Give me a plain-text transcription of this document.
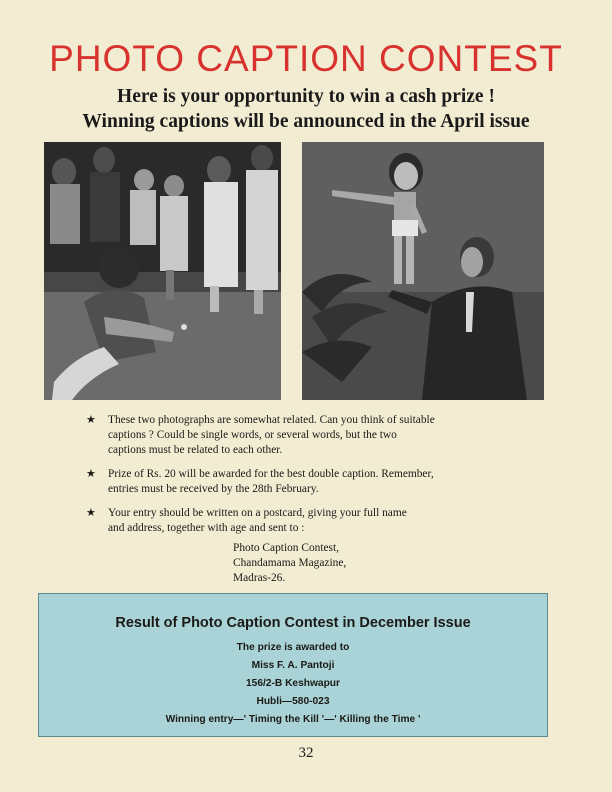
PHOTO CAPTION CONTEST
Here is your opportunity to win a cash prize !
Winning captions will be announced in the April issue
★ These two photographs are somewhat related. Can you think of suitable
captions ? Could be single words, or several words, but the two
captions must be related to each other.
★ Prize of Rs. 20 will be awarded for the best double caption. Remember,
entries must be received by the 28th February.
★ Your entry should be written on a postcard, giving your full name
and address, together with age and sent to :
Photo Caption Contest,
Chandamama Magazine,
Madras-26.
Result of Photo Caption Contest in December Issue
The prize is awarded to
Miss F. A. Pantoji
156/2-B Keshwapur
Hubli—580-023
Winning entry—' Timing the Kill '—' Killing the Time '
32
